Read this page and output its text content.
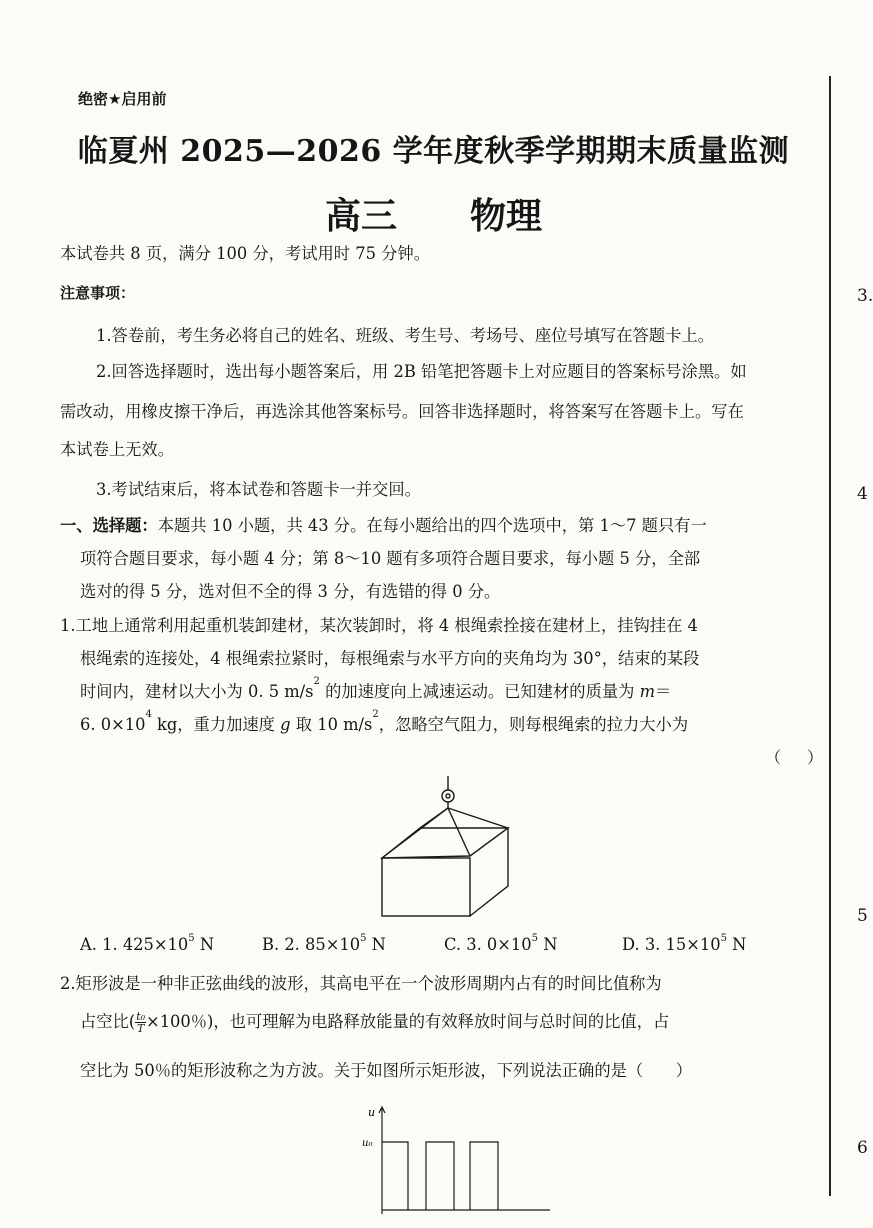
3.
4
5
6
绝密★启用前
临夏州 2025—2026 学年度秋季学期期末质量监测
高三 物理
本试卷共 8 页，满分 100 分，考试用时 75 分钟。
注意事项：
1.答卷前，考生务必将自己的姓名、班级、考生号、考场号、座位号填写在答题卡上。
2.回答选择题时，选出每小题答案后，用 2B 铅笔把答题卡上对应题目的答案标号涂黑。如
需改动，用橡皮擦干净后，再选涂其他答案标号。回答非选择题时，将答案写在答题卡上。写在
本试卷上无效。
3.考试结束后，将本试卷和答题卡一并交回。
一、选择题：本题共 10 小题，共 43 分。在每小题给出的四个选项中，第 1～7 题只有一
项符合题目要求，每小题 4 分；第 8～10 题有多项符合题目要求，每小题 5 分，全部
选对的得 5 分，选对但不全的得 3 分，有选错的得 0 分。
1.工地上通常利用起重机装卸建材，某次装卸时，将 4 根绳索拴接在建材上，挂钩挂在 4
根绳索的连接处，4 根绳索拉紧时，每根绳索与水平方向的夹角均为 30°，结束的某段
时间内，建材以大小为 0. 5 $m/s^2$ 的加速度向上减速运动。已知建材的质量为 m＝
6. $0\times 10^4$ kg，重力加速度 g 取 10 $m/s^2$，忽略空气阻力，则每根绳索的拉力大小为
（）
A. 1. $425\times 10^5$ N	B. 2. $85\times 10^5$ N	C. 3. $0\times 10^5$ N	D. 3. $15\times 10^5$ N
2.矩形波是一种非正弦曲线的波形，其高电平在一个波形周期内占有的时间比值称为
占空比( $\frac{\text{t₀}}{T} \times 100$％)，也可理解为电路释放能量的有效释放时间与总时间的比值，占
空比为 50％的矩形波称之为方波。关于如图所示矩形波，下列说法正确的是（　　）
u
u₀
